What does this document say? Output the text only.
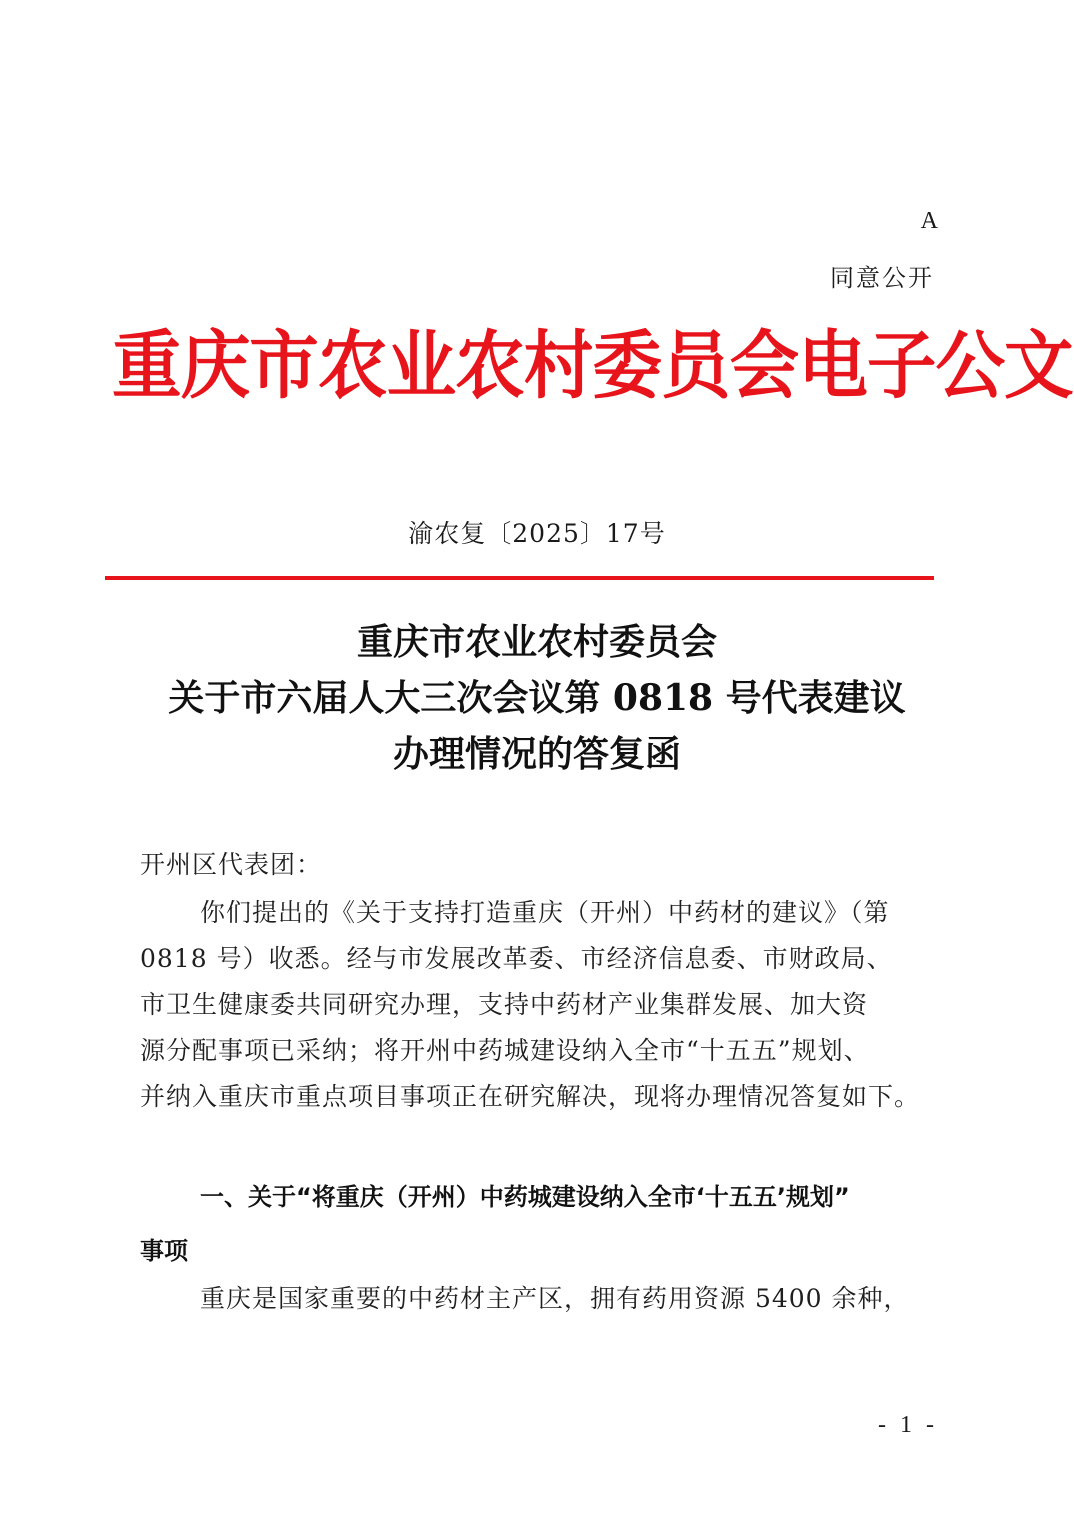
A
同意公开
重庆市农业农村委员会电子公文
渝农复〔2025〕17号
重庆市农业农村委员会
关于市六届人大三次会议第 0818 号代表建议
办理情况的答复函
开州区代表团：
你们提出的《关于支持打造重庆（开州）中药材的建议》（第
0818 号）收悉。经与市发展改革委、市经济信息委、市财政局、
市卫生健康委共同研究办理，支持中药材产业集群发展、加大资
源分配事项已采纳；将开州中药城建设纳入全市“十五五”规划、
并纳入重庆市重点项目事项正在研究解决，现将办理情况答复如下。
一、关于“将重庆（开州）中药城建设纳入全市‘十五五’规划”
事项
重庆是国家重要的中药材主产区，拥有药用资源 5400 余种，
- 1 -
